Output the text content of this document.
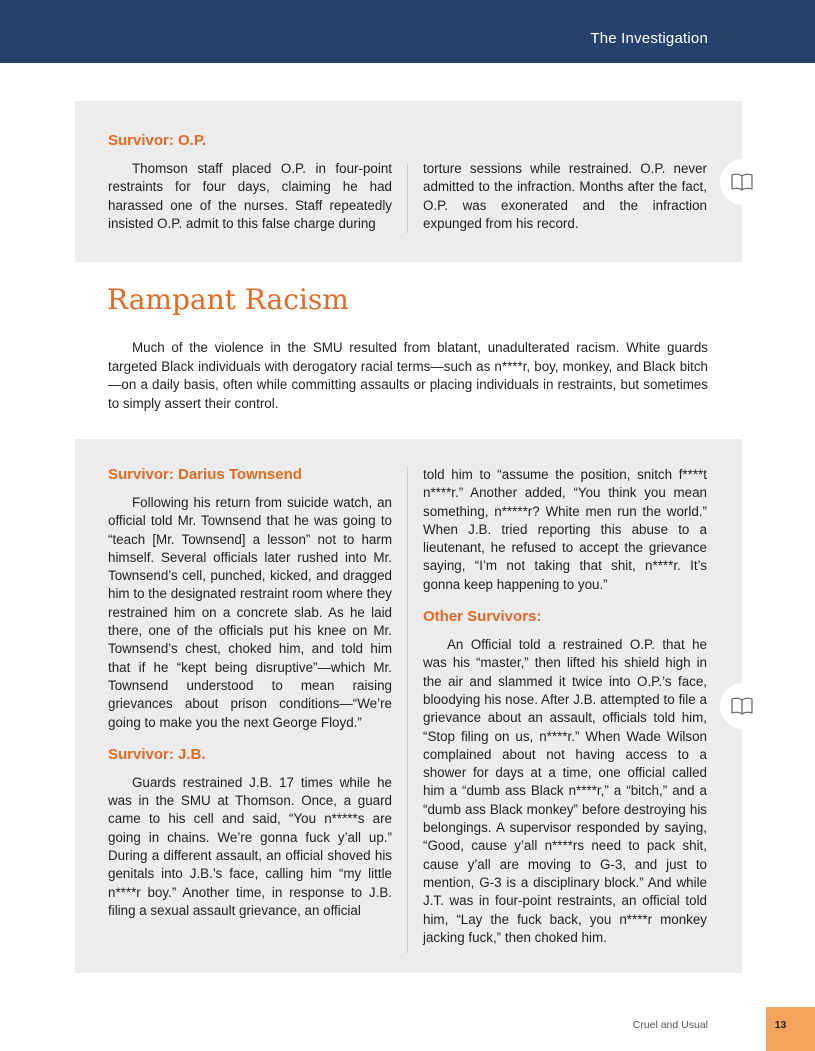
The Investigation
Survivor: O.P.

Thomson staff placed O.P. in four-point restraints for four days, claiming he had harassed one of the nurses. Staff repeatedly insisted O.P. admit to this false charge during

torture sessions while restrained. O.P. never admitted to the infraction. Months after the fact, O.P. was exonerated and the infraction expunged from his record.

Rampant Racism

Much of the violence in the SMU resulted from blatant, unadulterated racism. White guards targeted Black individuals with derogatory racial terms—such as n****r, boy, monkey, and Black bitch—on a daily basis, often while committing assaults or placing individuals in restraints, but sometimes to simply assert their control.

Survivor: Darius Townsend

Following his return from suicide watch, an official told Mr. Townsend that he was going to “teach [Mr. Townsend] a lesson” not to harm himself. Several officials later rushed into Mr. Townsend’s cell, punched, kicked, and dragged him to the designated restraint room where they restrained him on a concrete slab. As he laid there, one of the officials put his knee on Mr. Townsend’s chest, choked him, and told him that if he “kept being disruptive”—which Mr. Townsend understood to mean raising grievances about prison conditions—“We’re going to make you the next George Floyd.”

Survivor: J.B.

Guards restrained J.B. 17 times while he was in the SMU at Thomson. Once, a guard came to his cell and said, “You n*****s are going in chains. We’re gonna fuck y’all up.” During a different assault, an official shoved his genitals into J.B.’s face, calling him “my little n****r boy.” Another time, in response to J.B. filing a sexual assault grievance, an official

told him to “assume the position, snitch f****t n****r.” Another added, “You think you mean something, n*****r? White men run the world.” When J.B. tried reporting this abuse to a lieutenant, he refused to accept the grievance saying, “I’m not taking that shit, n****r. It’s gonna keep happening to you.”

Other Survivors:

An Official told a restrained O.P. that he was his “master,” then lifted his shield high in the air and slammed it twice into O.P.’s face, bloodying his nose. After J.B. attempted to file a grievance about an assault, officials told him, “Stop filing on us, n****r.” When Wade Wilson complained about not having access to a shower for days at a time, one official called him a “dumb ass Black n****r,” a “bitch,” and a “dumb ass Black monkey” before destroying his belongings. A supervisor responded by saying, “Good, cause y’all n****rs need to pack shit, cause y’all are moving to G-3, and just to mention, G-3 is a disciplinary block.” And while J.T. was in four-point restraints, an official told him, “Lay the fuck back, you n****r monkey jacking fuck,” then choked him.

Cruel and Usual	13
